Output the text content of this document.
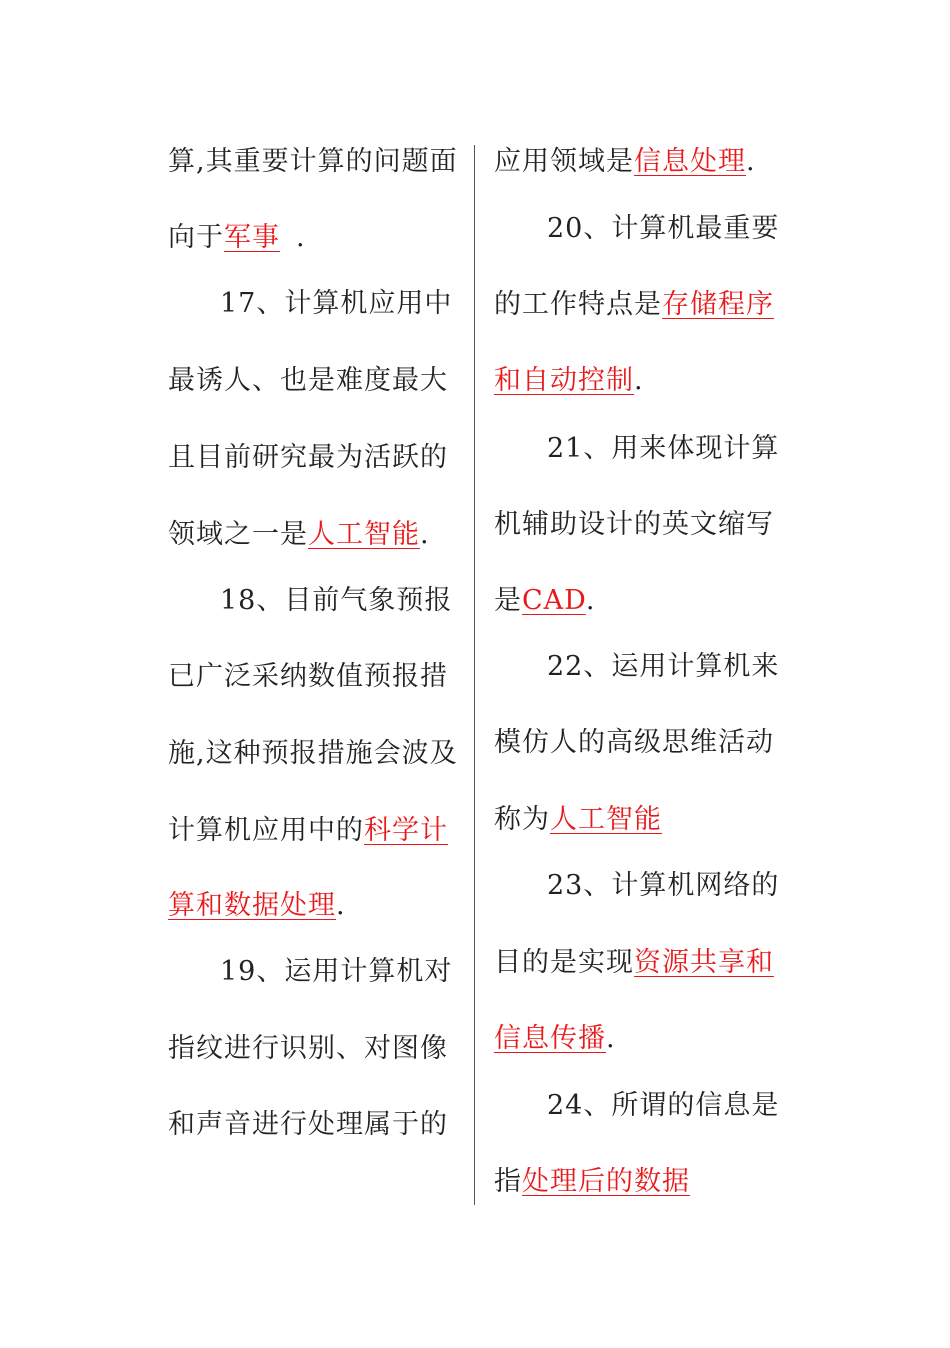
算,其重要计算的问题面
向于军事 .
17、计算机应用中
最诱人、也是难度最大
且目前研究最为活跃的
领域之一是人工智能.
18、目前气象预报
已广泛采纳数值预报措
施,这种预报措施会波及
计算机应用中的科学计
算和数据处理.
19、运用计算机对
指纹进行识别、对图像
和声音进行处理属于的
应用领域是信息处理.
20、计算机最重要
的工作特点是存储程序
和自动控制.
21、用来体现计算
机辅助设计的英文缩写
是CAD.
22、运用计算机来
模仿人的高级思维活动
称为人工智能
23、计算机网络的
目的是实现资源共享和
信息传播.
24、所谓的信息是
指处理后的数据
